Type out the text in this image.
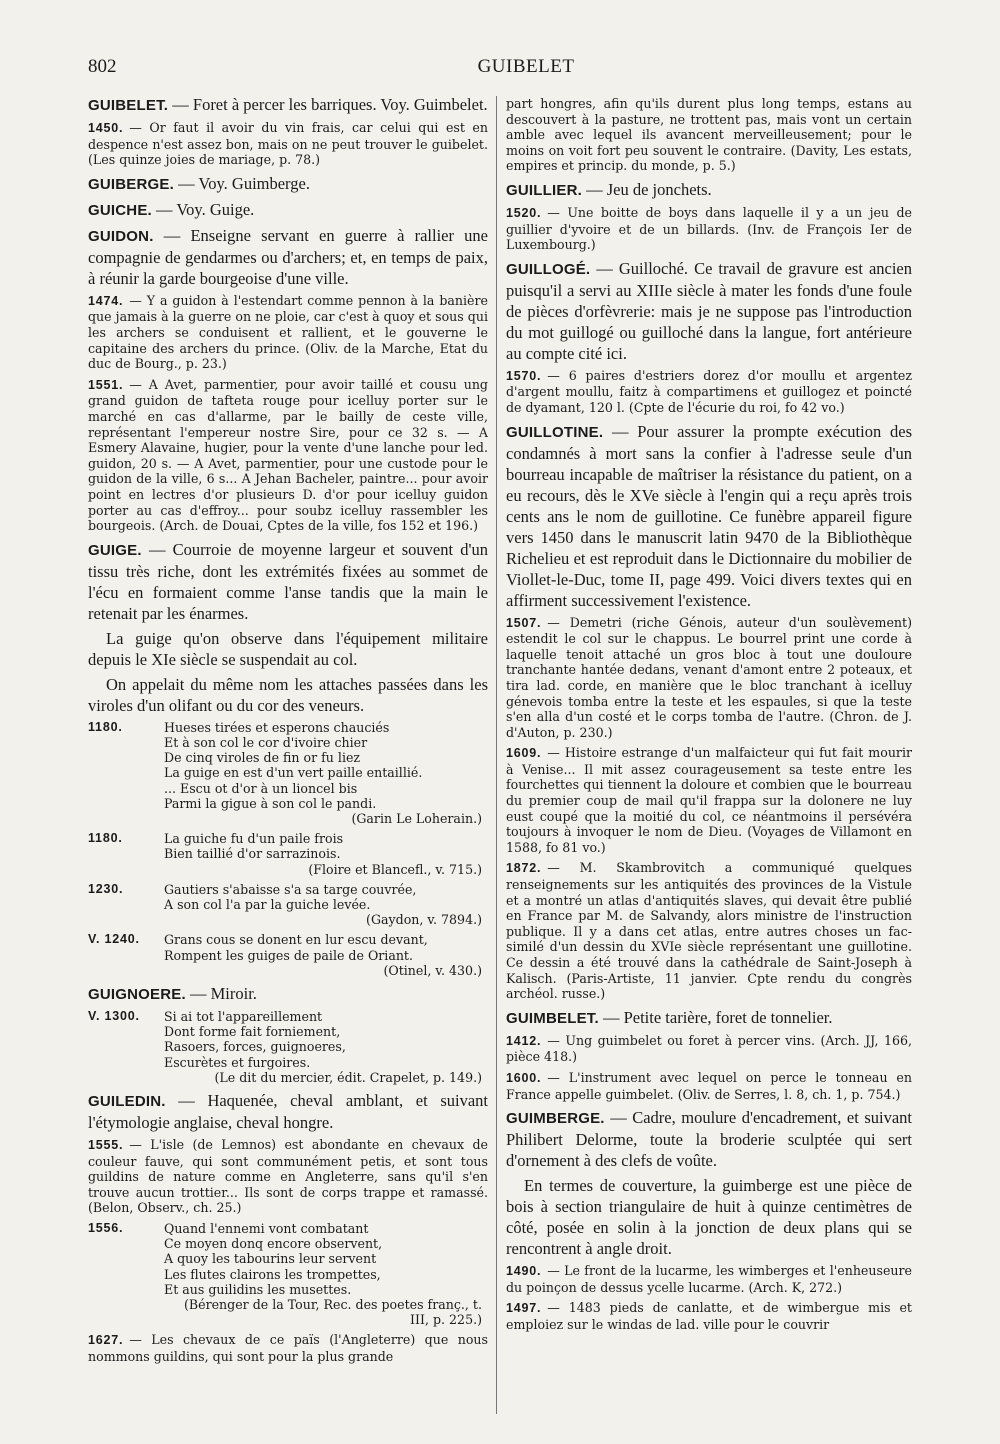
802	GUIBELET
GUIBELET. — Foret à percer les barriques. Voy. Guimbelet.
1450. — Or faut il avoir du vin frais, car celui qui est en despence n'est assez bon, mais on ne peut trouver le guibelet. (Les quinze joies de mariage, p. 78.)
GUIBERGE. — Voy. Guimberge.
GUICHE. — Voy. Guige.
GUIDON. — Enseigne servant en guerre à rallier une compagnie de gendarmes ou d'archers; et, en temps de paix, à réunir la garde bourgeoise d'une ville.
1474. — Y a guidon à l'estendart comme pennon à la banière que jamais à la guerre on ne ploie, car c'est à quoy et sous qui les archers se conduisent et rallient, et le gouverne le capitaine des archers du prince. (Oliv. de la Marche, Etat du duc de Bourg., p. 23.)
1551. — A Avet, parmentier, pour avoir taillé et cousu ung grand guidon de tafteta rouge pour icelluy porter sur le marché en cas d'allarme, par le bailly de ceste ville, représentant l'empereur nostre Sire, pour ce 32 s. — A Esmery Alavaine, hugier, pour la vente d'une lanche pour led. guidon, 20 s. — A Avet, parmentier, pour une custode pour le guidon de la ville, 6 s... A Jehan Bacheler, paintre... pour avoir point en lectres d'or plusieurs D. d'or pour icelluy guidon porter au cas d'effroy... pour soubz icelluy rassembler les bourgeois. (Arch. de Douai, Cptes de la ville, fos 152 et 196.)
GUIGE. — Courroie de moyenne largeur et souvent d'un tissu très riche, dont les extrémités fixées au sommet de l'écu en formaient comme l'anse tandis que la main le retenait par les énarmes.
La guige qu'on observe dans l'équipement militaire depuis le XIe siècle se suspendait au col.
On appelait du même nom les attaches passées dans les viroles d'un olifant ou du cor des veneurs.
1180.	Hueses tirées et esperons chauciés
Et à son col le cor d'ivoire chier
De cinq viroles de fin or fu liez
La guige en est d'un vert paille entaillié.
... Escu ot d'or à un lioncel bis
Parmi la gigue à son col le pandi.
(Garin Le Loherain.)
1180.	La guiche fu d'un paile frois
Bien taillié d'or sarrazinois.
(Floire et Blancefl., v. 715.)
1230.	Gautiers s'abaisse s'a sa targe couvrée,
A son col l'a par la guiche levée.
(Gaydon, v. 7894.)
V. 1240.	Grans cous se donent en lur escu devant,
Rompent les guiges de paile de Oriant.
(Otinel, v. 430.)
GUIGNOERE. — Miroir.
V. 1300.	Si ai tot l'appareillement
Dont forme fait forniement,
Rasoers, forces, guignoeres,
Escurètes et furgoires.
(Le dit du mercier, édit. Crapelet, p. 149.)
GUILEDIN. — Haquenée, cheval amblant, et suivant l'étymologie anglaise, cheval hongre.
1555. — L'isle (de Lemnos) est abondante en chevaux de couleur fauve, qui sont communément petis, et sont tous guildins de nature comme en Angleterre, sans qu'il s'en trouve aucun trottier... Ils sont de corps trappe et ramassé. (Belon, Observ., ch. 25.)
1556.	Quand l'ennemi vont combatant
Ce moyen donq encore observent,
A quoy les tabourins leur servent
Les flutes clairons les trompettes,
Et aus guilidins les musettes.
(Bérenger de la Tour, Rec. des poetes franç., t. III, p. 225.)
1627. — Les chevaux de ce païs (l'Angleterre) que nous nommons guildins, qui sont pour la plus grande
part hongres, afin qu'ils durent plus long temps, estans au descouvert à la pasture, ne trottent pas, mais vont un certain amble avec lequel ils avancent merveilleusement; pour le moins on voit fort peu souvent le contraire. (Davity, Les estats, empires et princip. du monde, p. 5.)
GUILLIER. — Jeu de jonchets.
1520. — Une boitte de boys dans laquelle il y a un jeu de guillier d'yvoire et de un billards. (Inv. de François Ier de Luxembourg.)
GUILLOGÉ. — Guilloché. Ce travail de gravure est ancien puisqu'il a servi au XIIIe siècle à mater les fonds d'une foule de pièces d'orfèvrerie: mais je ne suppose pas l'introduction du mot guillogé ou guilloché dans la langue, fort antérieure au compte cité ici.
1570. — 6 paires d'estriers dorez d'or moullu et argentez d'argent moullu, faitz à compartimens et guillogez et poincté de dyamant, 120 l. (Cpte de l'écurie du roi, fo 42 vo.)
GUILLOTINE. — Pour assurer la prompte exécution des condamnés à mort sans la confier à l'adresse seule d'un bourreau incapable de maîtriser la résistance du patient, on a eu recours, dès le XVe siècle à l'engin qui a reçu après trois cents ans le nom de guillotine. Ce funèbre appareil figure vers 1450 dans le manuscrit latin 9470 de la Bibliothèque Richelieu et est reproduit dans le Dictionnaire du mobilier de Viollet-le-Duc, tome II, page 499. Voici divers textes qui en affirment successivement l'existence.
1507. — Demetri (riche Génois, auteur d'un soulèvement) estendit le col sur le chappus. Le bourrel print une corde à laquelle tenoit attaché un gros bloc à tout une douloure tranchante hantée dedans, venant d'amont entre 2 poteaux, et tira lad. corde, en manière que le bloc tranchant à icelluy génevois tomba entre la teste et les espaules, si que la teste s'en alla d'un costé et le corps tomba de l'autre. (Chron. de J. d'Auton, p. 230.)
1609. — Histoire estrange d'un malfaicteur qui fut fait mourir à Venise... Il mit assez courageusement sa teste entre les fourchettes qui tiennent la doloure et combien que le bourreau du premier coup de mail qu'il frappa sur la dolonere ne luy eust coupé que la moitié du col, ce néantmoins il persévéra toujours à invoquer le nom de Dieu. (Voyages de Villamont en 1588, fo 81 vo.)
1872. — M. Skambrovitch a communiqué quelques renseignements sur les antiquités des provinces de la Vistule et a montré un atlas d'antiquités slaves, qui devait être publié en France par M. de Salvandy, alors ministre de l'instruction publique. Il y a dans cet atlas, entre autres choses un fac-similé d'un dessin du XVIe siècle représentant une guillotine. Ce dessin a été trouvé dans la cathédrale de Saint-Joseph à Kalisch. (Paris-Artiste, 11 janvier. Cpte rendu du congrès archéol. russe.)
GUIMBELET. — Petite tarière, foret de tonnelier.
1412. — Ung guimbelet ou foret à percer vins. (Arch. JJ, 166, pièce 418.)
1600. — L'instrument avec lequel on perce le tonneau en France appelle guimbelet. (Oliv. de Serres, l. 8, ch. 1, p. 754.)
GUIMBERGE. — Cadre, moulure d'encadrement, et suivant Philibert Delorme, toute la broderie sculptée qui sert d'ornement à des clefs de voûte.
En termes de couverture, la guimberge est une pièce de bois à section triangulaire de huit à quinze centimètres de côté, posée en solin à la jonction de deux plans qui se rencontrent à angle droit.
1490. — Le front de la lucarme, les wimberges et l'enheuseure du poinçon de dessus ycelle lucarme. (Arch. K, 272.)
1497. — 1483 pieds de canlatte, et de wimbergue mis et emploiez sur le windas de lad. ville pour le couvrir
